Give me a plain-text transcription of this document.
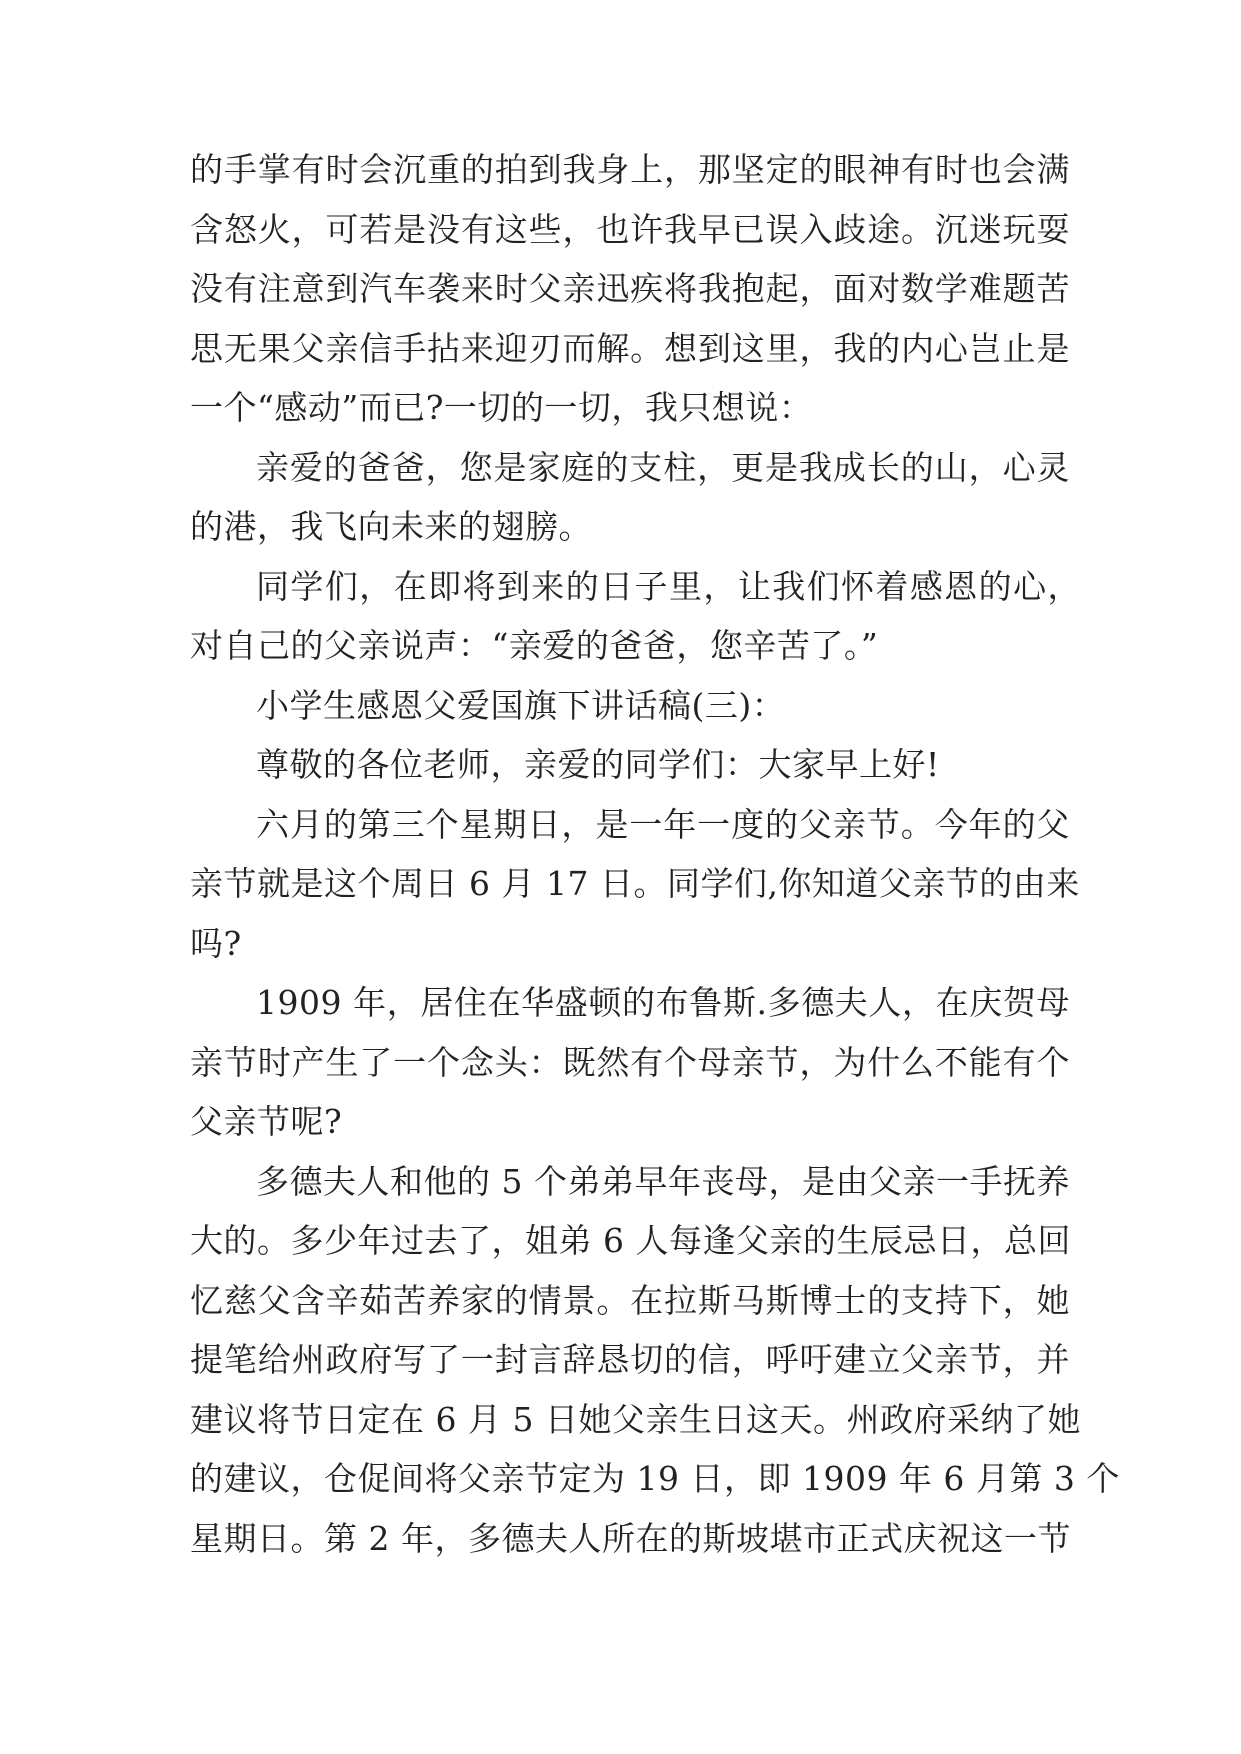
的手掌有时会沉重的拍到我身上，那坚定的眼神有时也会满
含怒火，可若是没有这些，也许我早已误入歧途。沉迷玩耍
没有注意到汽车袭来时父亲迅疾将我抱起，面对数学难题苦
思无果父亲信手拈来迎刃而解。想到这里，我的内心岂止是
一个“感动”而已?一切的一切，我只想说：
亲爱的爸爸，您是家庭的支柱，更是我成长的山，心灵
的港，我飞向未来的翅膀。
同学们，在即将到来的日子里，让我们怀着感恩的心，
对自己的父亲说声：“亲爱的爸爸，您辛苦了。”
小学生感恩父爱国旗下讲话稿(三)：
尊敬的各位老师，亲爱的同学们：大家早上好!
六月的第三个星期日，是一年一度的父亲节。今年的父
亲节就是这个周日 6 月 17 日。同学们,你知道父亲节的由来
吗?
1909 年，居住在华盛顿的布鲁斯.多德夫人，在庆贺母
亲节时产生了一个念头：既然有个母亲节，为什么不能有个
父亲节呢?
多德夫人和他的 5 个弟弟早年丧母，是由父亲一手抚养
大的。多少年过去了，姐弟 6 人每逢父亲的生辰忌日，总回
忆慈父含辛茹苦养家的情景。在拉斯马斯博士的支持下，她
提笔给州政府写了一封言辞恳切的信，呼吁建立父亲节，并
建议将节日定在 6 月 5 日她父亲生日这天。州政府采纳了她
的建议，仓促间将父亲节定为 19 日，即 1909 年 6 月第 3 个
星期日。第 2 年，多德夫人所在的斯坡堪市正式庆祝这一节
